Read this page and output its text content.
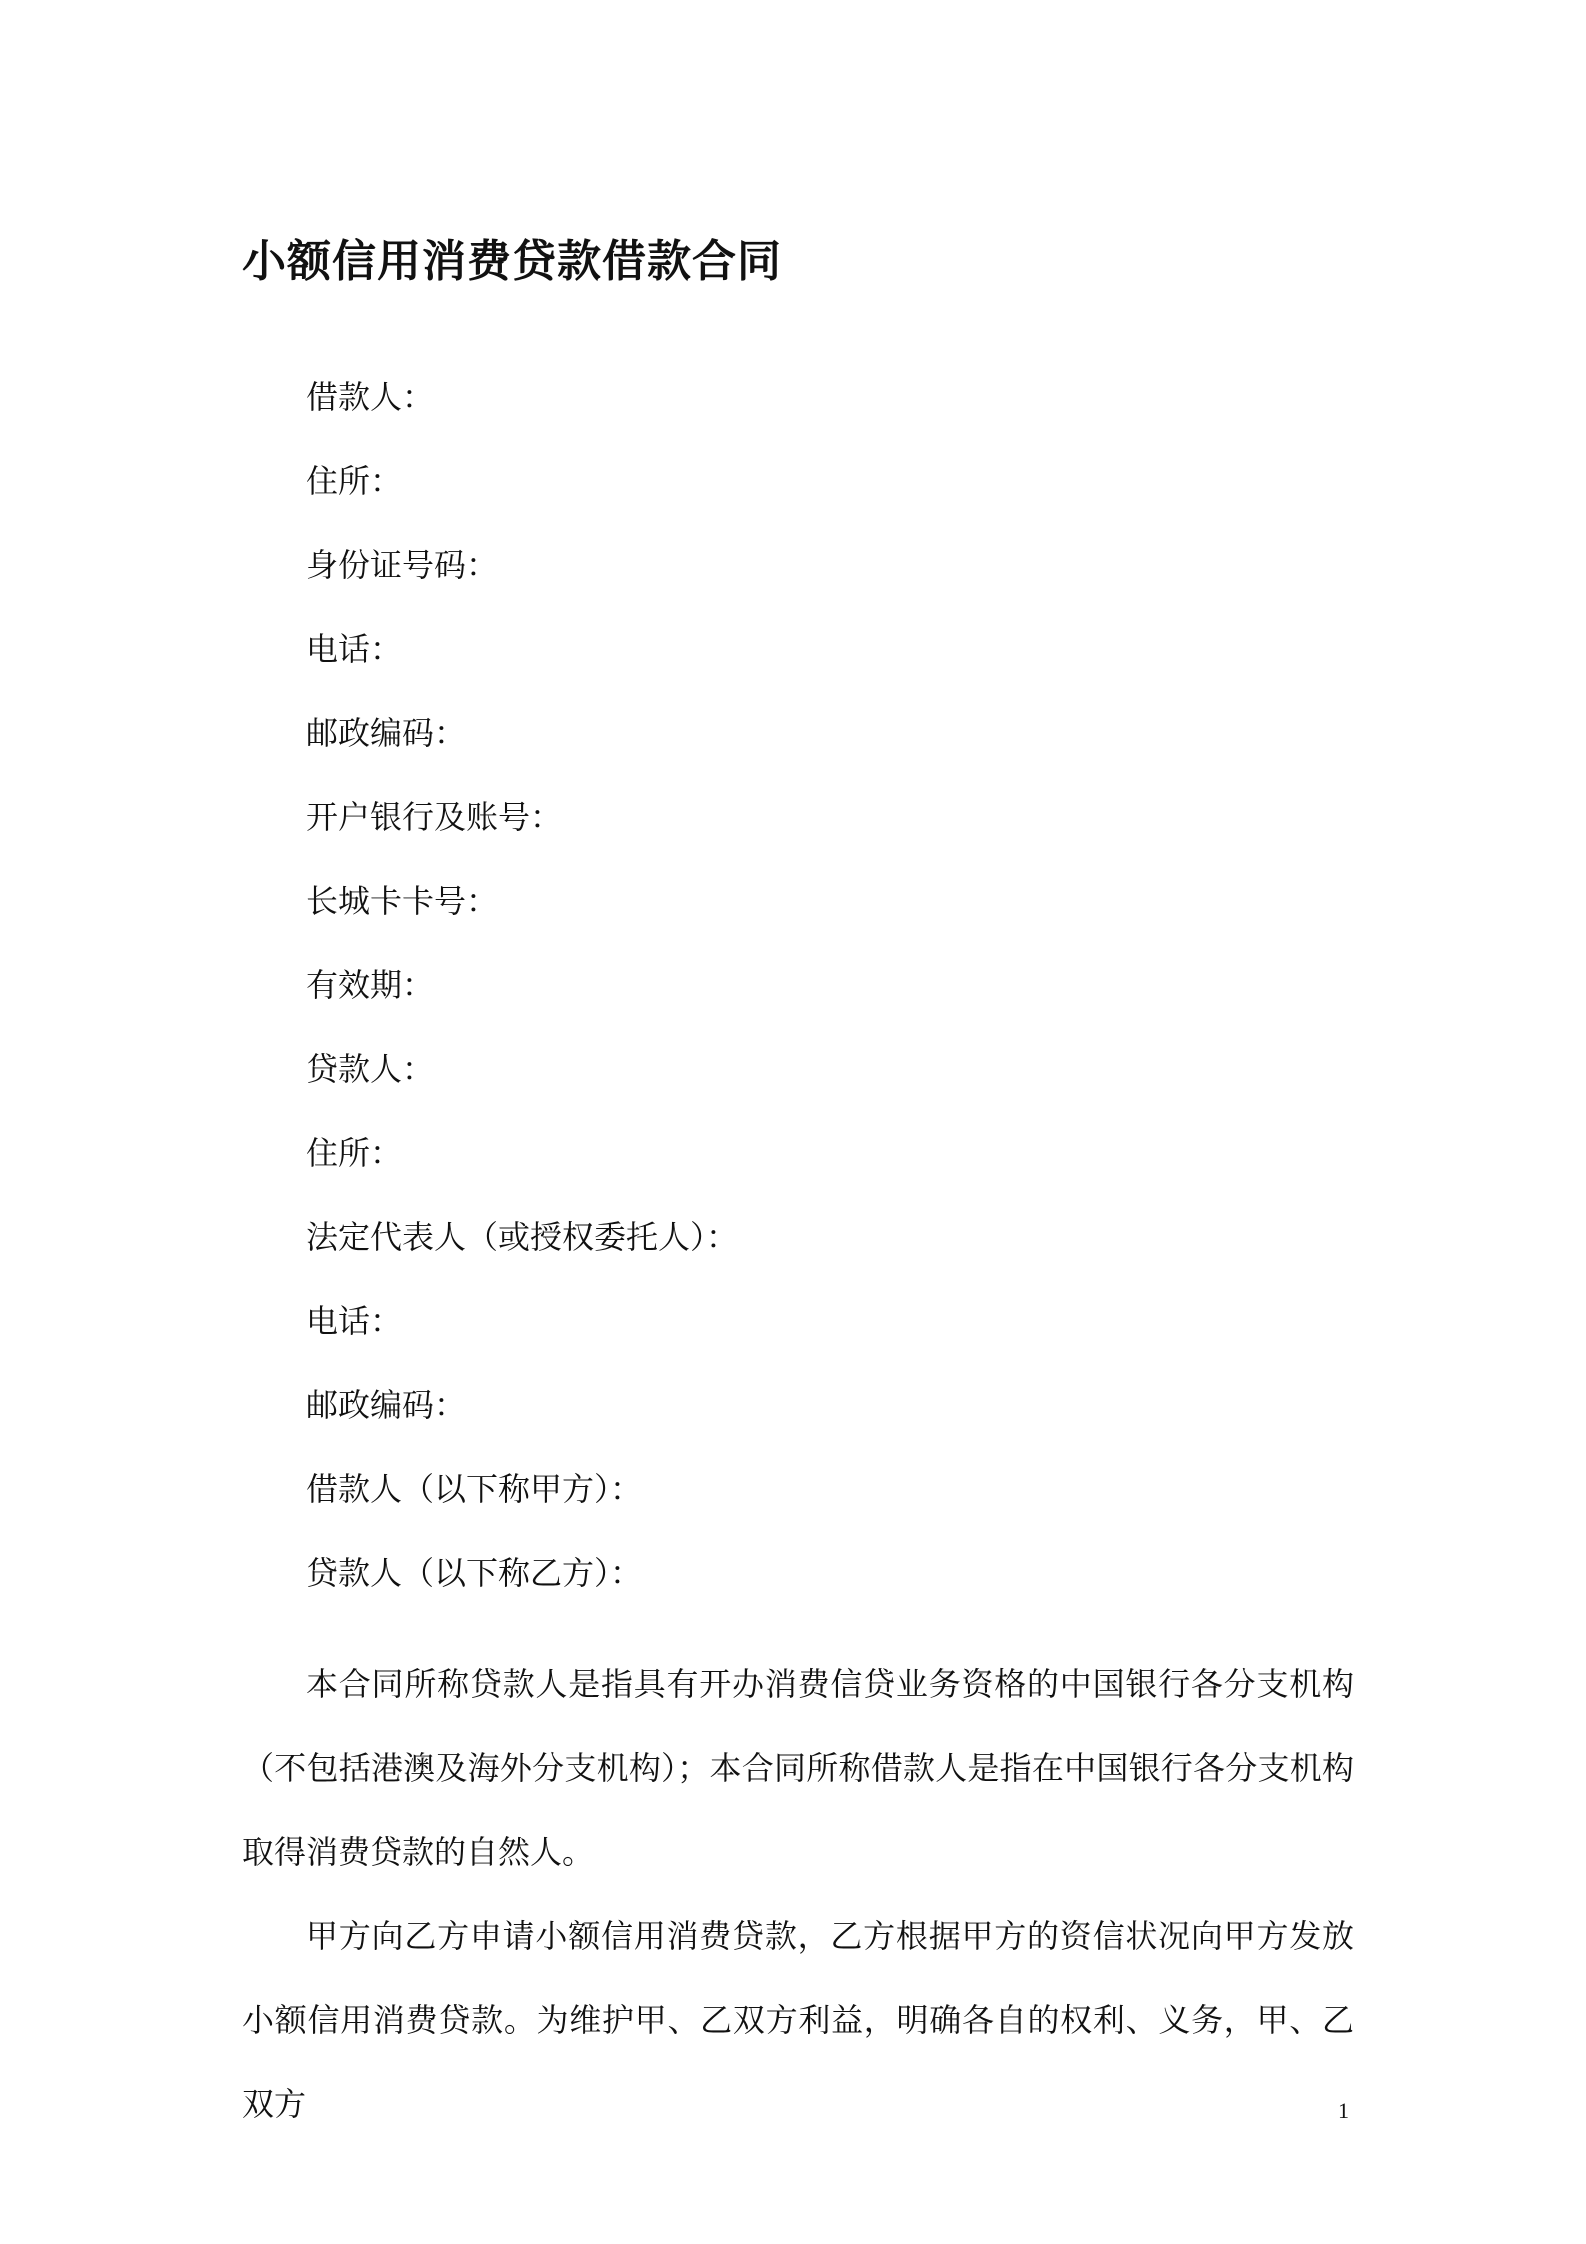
小额信用消费贷款借款合同
借款人：
住所：
身份证号码：
电话：
邮政编码：
开户银行及账号：
长城卡卡号：
有效期：
贷款人：
住所：
法定代表人（或授权委托人）：
电话：
邮政编码：
借款人（以下称甲方）：
贷款人（以下称乙方）：

本合同所称贷款人是指具有开办消费信贷业务资格的中国银行各分支机构（不包括港澳及海外分支机构）；本合同所称借款人是指在中国银行各分支机构取得消费贷款的自然人。

甲方向乙方申请小额信用消费贷款，乙方根据甲方的资信状况向甲方发放小额信用消费贷款。为维护甲、乙双方利益，明确各自的权利、义务，甲、乙双方	1
